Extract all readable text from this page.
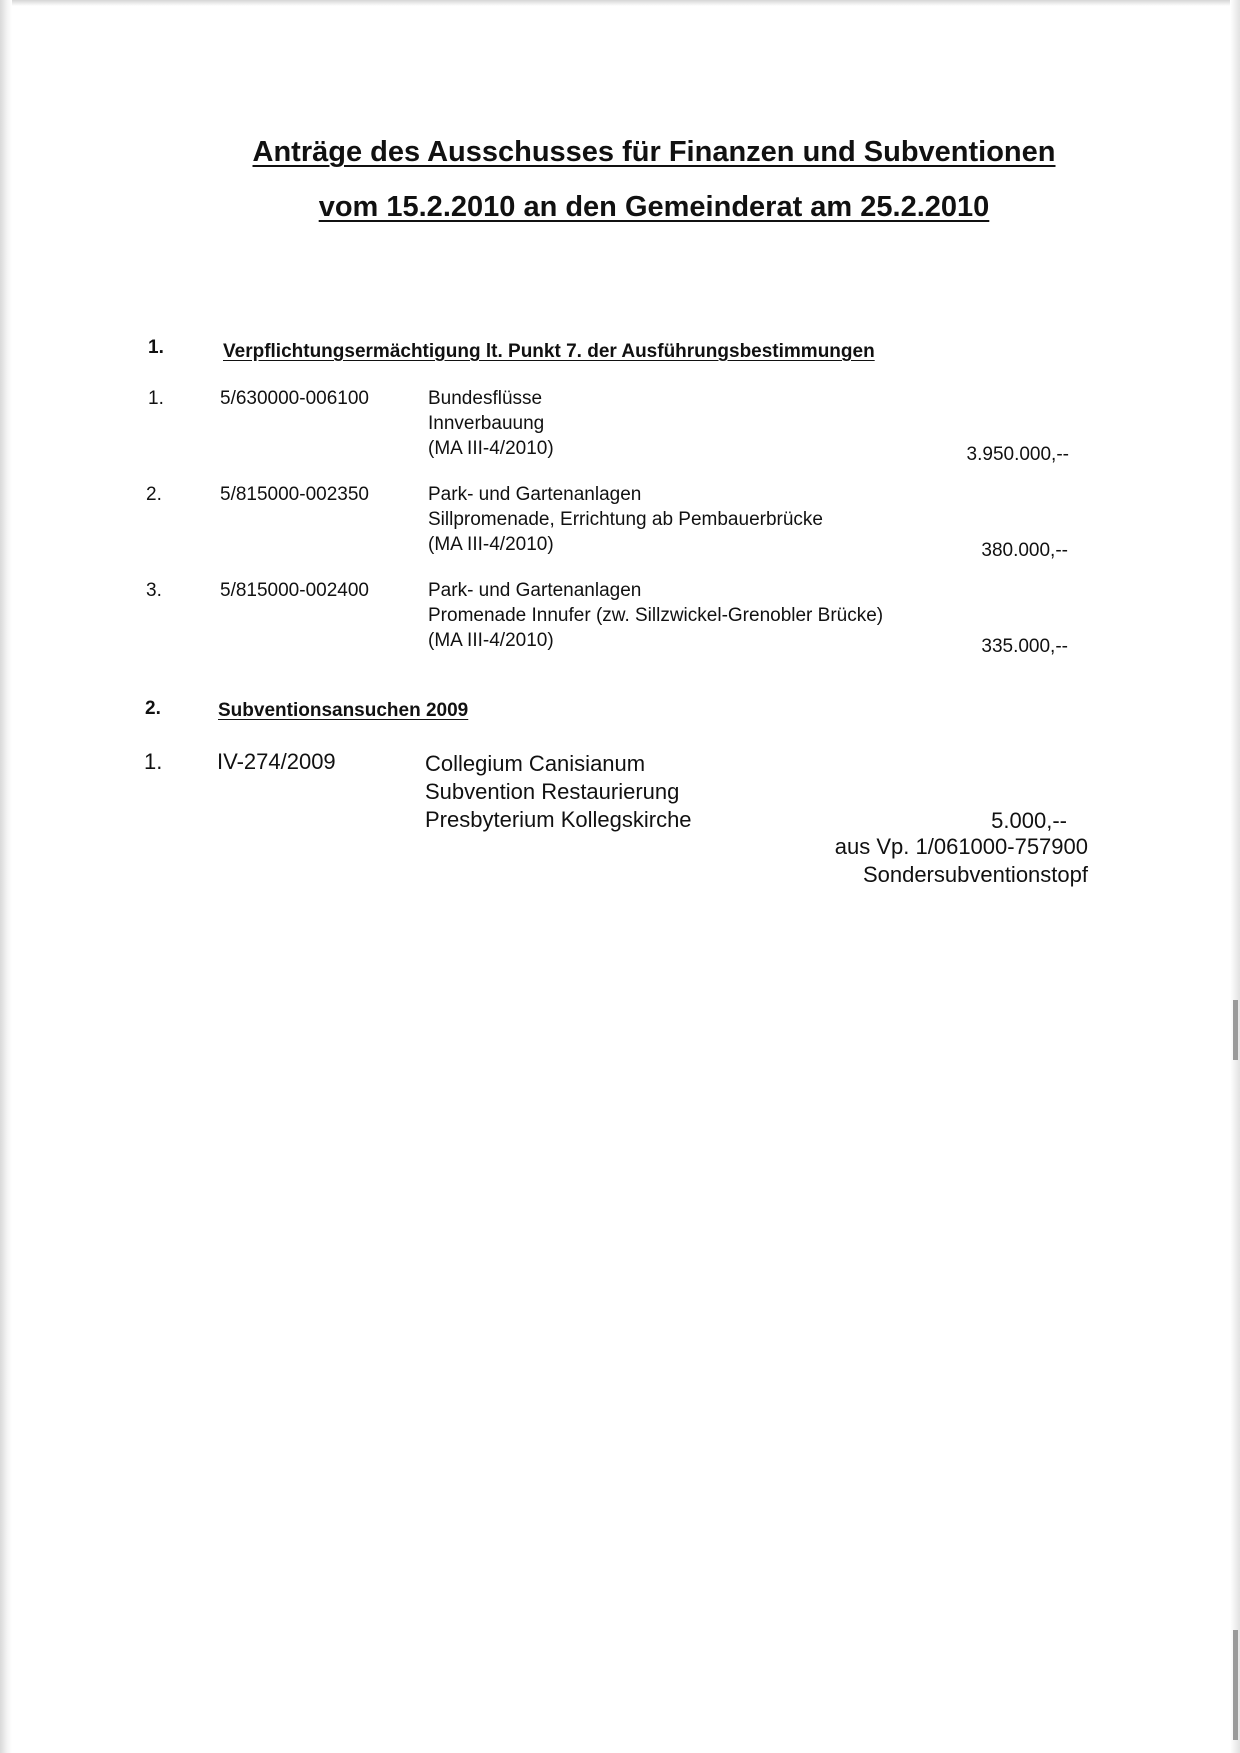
Anträge des Ausschusses für Finanzen und Subventionen
vom 15.2.2010 an den Gemeinderat am 25.2.2010
1.	Verpflichtungsermächtigung lt. Punkt 7. der Ausführungsbestimmungen
1.	5/630000-006100	Bundesflüsse
Innverbauung
(MA III-4/2010)	3.950.000,--
2.	5/815000-002350	Park- und Gartenanlagen
Sillpromenade, Errichtung ab Pembauerbrücke
(MA III-4/2010)	380.000,--
3.	5/815000-002400	Park- und Gartenanlagen
Promenade Innufer (zw. Sillzwickel-Grenobler Brücke)
(MA III-4/2010)	335.000,--
2.	Subventionsansuchen 2009
1. IV-274/2009	Collegium Canisianum
Subvention Restaurierung
Presbyterium Kollegskirche	5.000,--
aus Vp. 1/061000-757900
Sondersubventionstopf
